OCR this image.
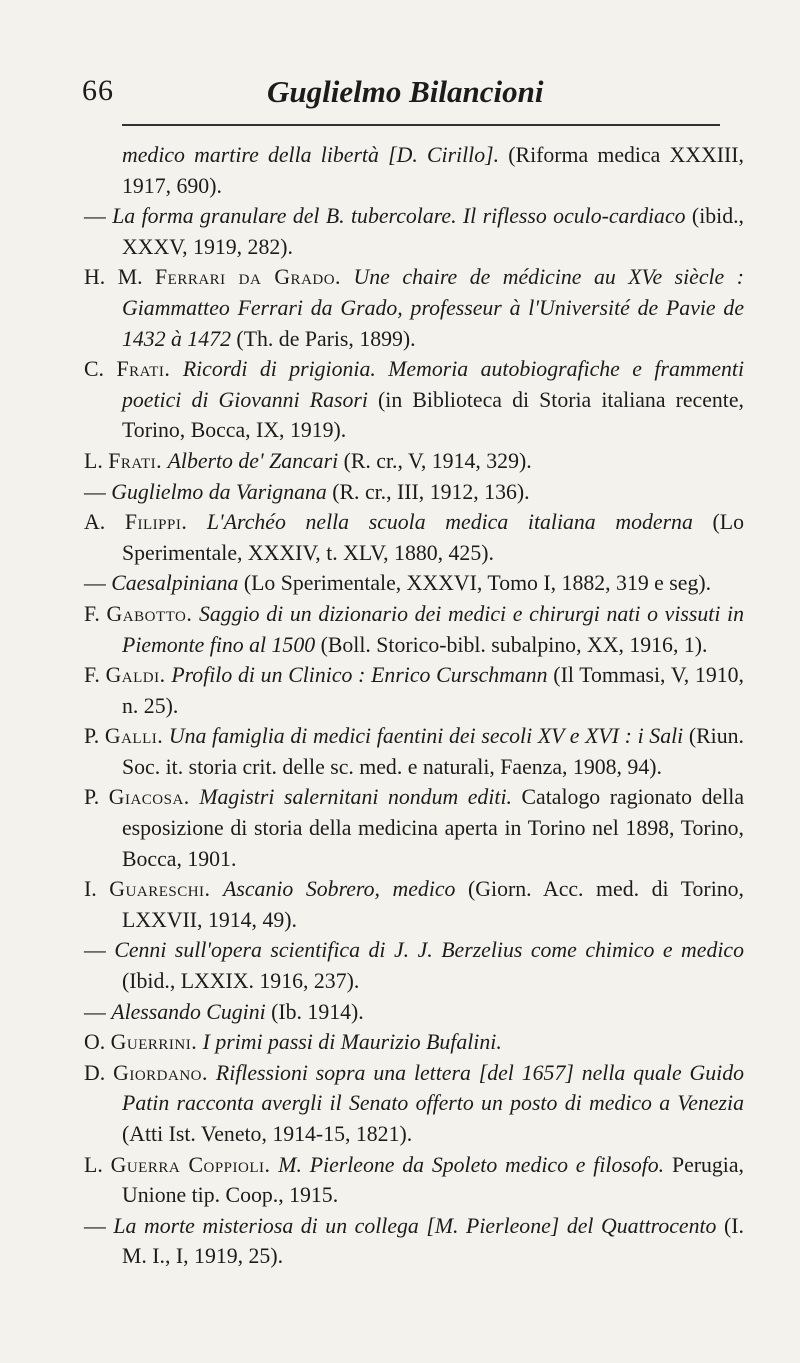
66	Guglielmo Bilancioni

medico martire della libertà [D. Cirillo]. (Riforma medica XXXIII, 1917, 690).

— La forma granulare del B. tubercolare. Il riflesso oculo-cardiaco (ibid., XXXV, 1919, 282).

H. M. Ferrari da Grado. Une chaire de médicine au XVe siècle : Giammatteo Ferrari da Grado, professeur à l'Université de Pavie de 1432 à 1472 (Th. de Paris, 1899).

C. Frati. Ricordi di prigionia. Memoria autobiografiche e frammenti poetici di Giovanni Rasori (in Biblioteca di Storia italiana recente, Torino, Bocca, IX, 1919).

L. Frati. Alberto de' Zancari (R. cr., V, 1914, 329).

— Guglielmo da Varignana (R. cr., III, 1912, 136).

A. Filippi. L'Archéo nella scuola medica italiana moderna (Lo Sperimentale, XXXIV, t. XLV, 1880, 425).

— Caesalpiniana (Lo Sperimentale, XXXVI, Tomo I, 1882, 319 e seg).

F. Gabotto. Saggio di un dizionario dei medici e chirurgi nati o vissuti in Piemonte fino al 1500 (Boll. Storico-bibl. subalpino, XX, 1916, 1).

F. Galdi. Profilo di un Clinico : Enrico Curschmann (Il Tommasi, V, 1910, n. 25).

P. Galli. Una famiglia di medici faentini dei secoli XV e XVI : i Sali (Riun. Soc. it. storia crit. delle sc. med. e naturali, Faenza, 1908, 94).

P. Giacosa. Magistri salernitani nondum editi. Catalogo ragionato della esposizione di storia della medicina aperta in Torino nel 1898, Torino, Bocca, 1901.

I. Guareschi. Ascanio Sobrero, medico (Giorn. Acc. med. di Torino, LXXVII, 1914, 49).

— Cenni sull'opera scientifica di J. J. Berzelius come chimico e medico (Ibid., LXXIX. 1916, 237).

— Alessando Cugini (Ib. 1914).

O. Guerrini. I primi passi di Maurizio Bufalini.

D. Giordano. Riflessioni sopra una lettera [del 1657] nella quale Guido Patin racconta avergli il Senato offerto un posto di medico a Venezia (Atti Ist. Veneto, 1914-15, 1821).

L. Guerra Coppioli. M. Pierleone da Spoleto medico e filosofo. Perugia, Unione tip. Coop., 1915.

— La morte misteriosa di un collega [M. Pierleone] del Quattrocento (I. M. I., I, 1919, 25).
